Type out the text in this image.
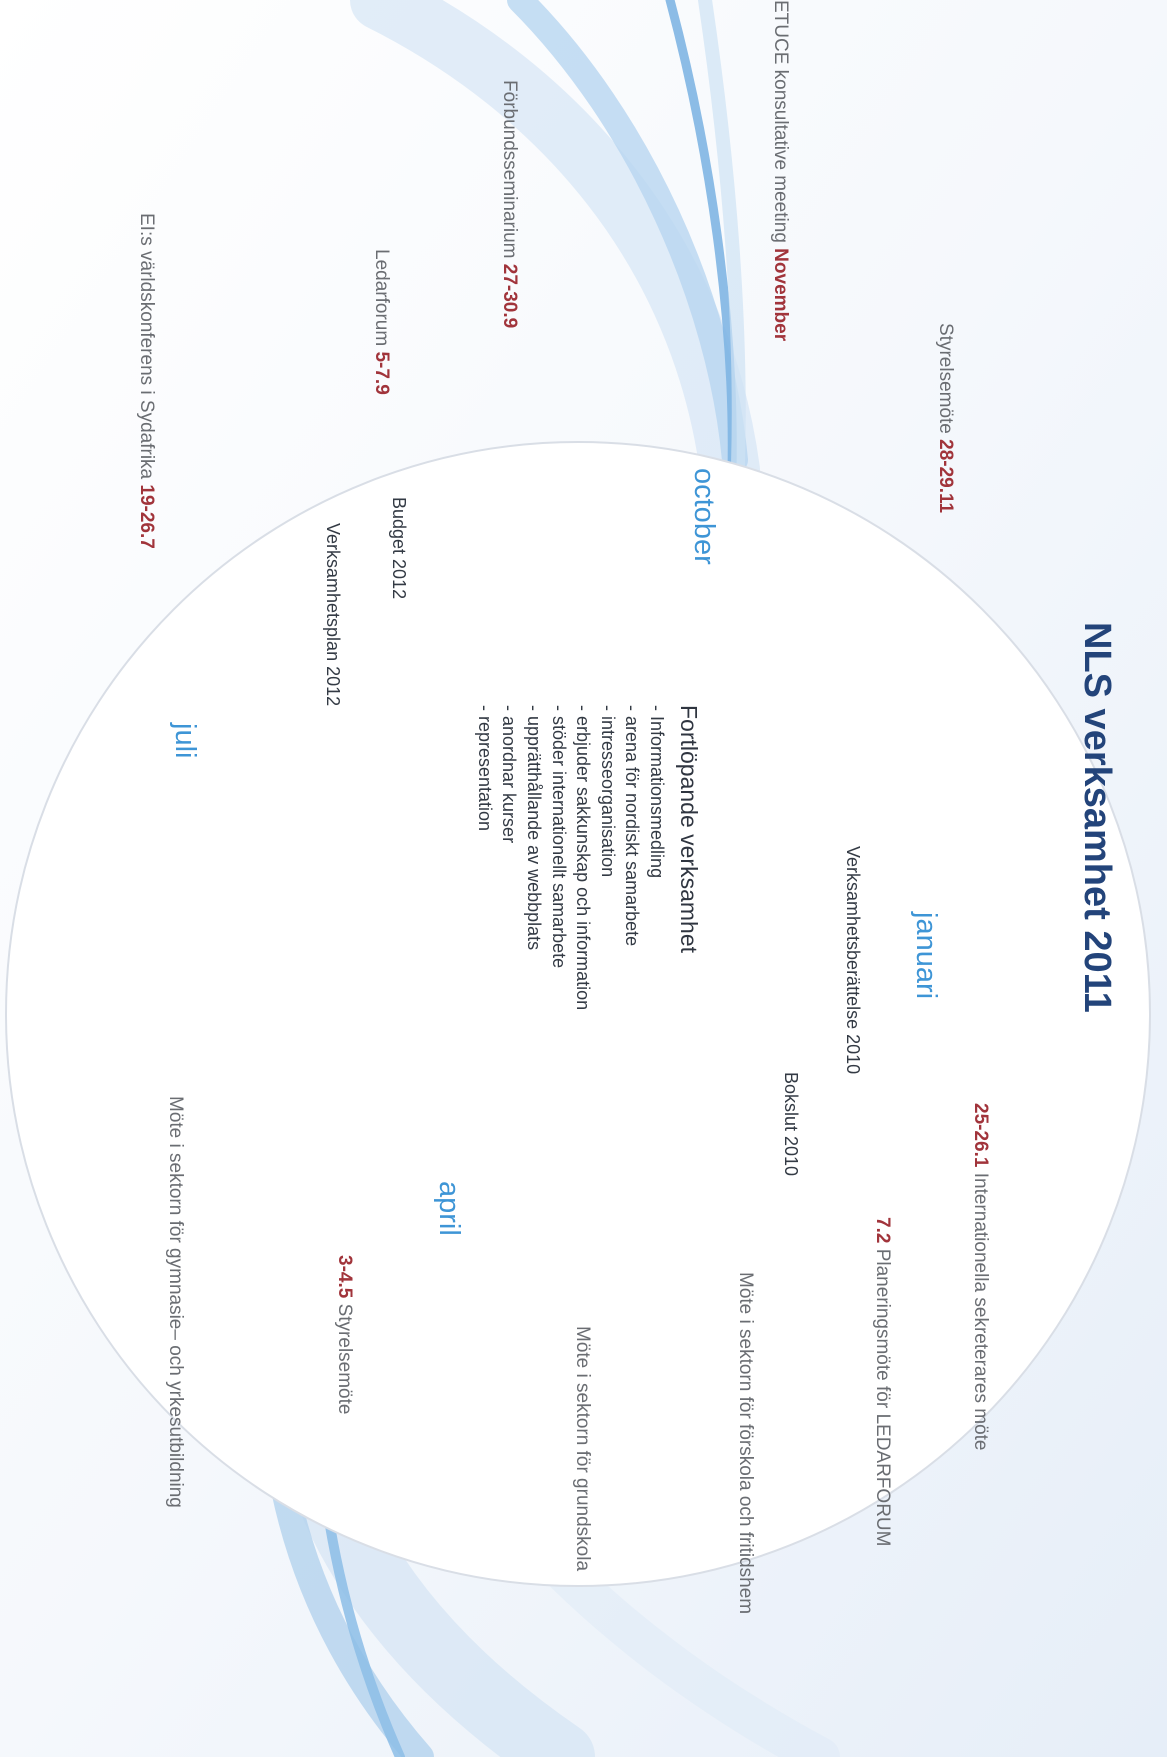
NLS verksamhet 2011
januari
april
juli
october
Verksamhetsberättelse 2010
Bokslut 2010
Budget 2012
Verksamhetsplan 2012
Fortlöpande verksamhet
- Informationsmedling
- arena för nordiskt samarbete
- intresseorganisation
- erbjuder sakkunskap och information
- stöder internationellt samarbete
- upprätthållande av webbplats
- anordnar kurser
- representation
25-26.1 Internationella sekreterares möte
7.2 Planeringsmöte för LEDARFORUM
Möte i sektorn för förskola och fritidshem
Möte i sektorn för grundskola
3-4.5 Styrelsemöte
Möte i sektorn för gymnasie– och yrkesutbildning
EI:s världskonferens i Sydafrika 19-26.7
Ledarforum 5-7.9
Förbundsseminarium 27-30.9
ETUCE konsultative meeting November
Styrelsemöte 28-29.11
